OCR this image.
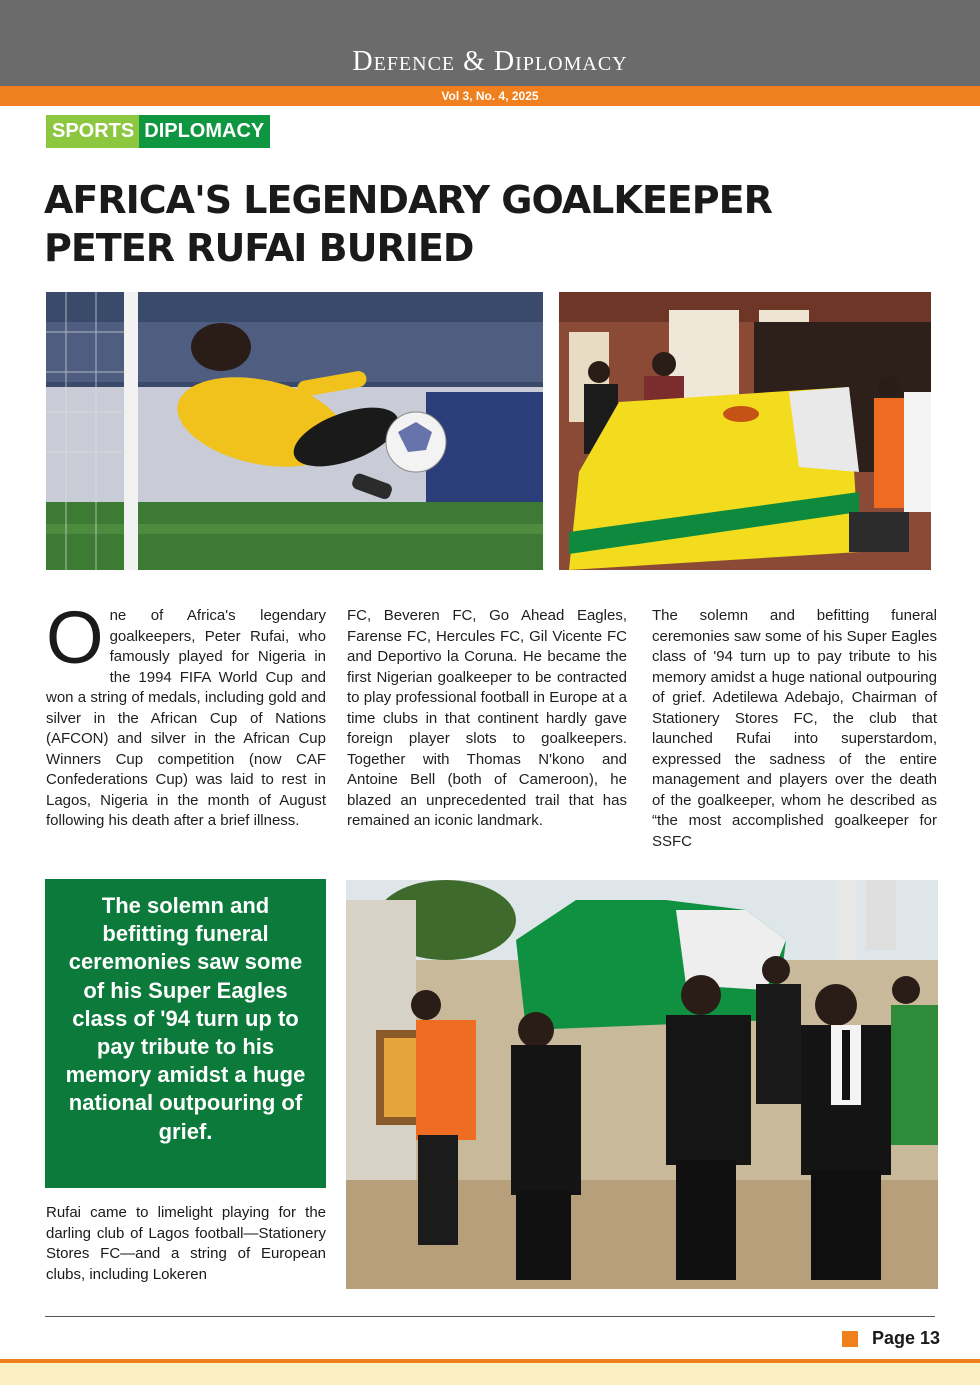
Defence & Diplomacy
Vol 3, No. 4, 2025
SPORTS DIPLOMACY
AFRICA'S LEGENDARY GOALKEEPER
PETER RUFAI BURIED

One of Africa's legendary goalkeepers, Peter Rufai, who famously played for Nigeria in the 1994 FIFA World Cup and won a string of medals, including gold and silver in the African Cup of Nations (AFCON) and silver in the African Cup Winners Cup competition (now CAF Confederations Cup) was laid to rest in Lagos, Nigeria in the month of August following his death after a brief illness.

FC, Beveren FC, Go Ahead Eagles, Farense FC, Hercules FC, Gil Vicente FC and Deportivo la Coruna. He became the first Nigerian goalkeeper to be contracted to play professional football in Europe at a time clubs in that continent hardly gave foreign player slots to goalkeepers. Together with Thomas N'kono and Antoine Bell (both of Cameroon), he blazed an unprecedented trail that has remained an iconic landmark.

The solemn and befitting funeral ceremonies saw some of his Super Eagles class of '94 turn up to pay tribute to his memory amidst a huge national outpouring of grief. Adetilewa Adebajo, Chairman of Stationery Stores FC, the club that launched Rufai into superstardom, expressed the sadness of the entire management and players over the death of the goalkeeper, whom he described as “the most accomplished goalkeeper for SSFC

The solemn and befitting funeral ceremonies saw some of his Super Eagles class of '94 turn up to pay tribute to his memory amidst a huge national outpouring of grief.

Rufai came to limelight playing for the darling club of Lagos football—Stationery Stores FC—and a string of European clubs, including Lokeren

Page 13
